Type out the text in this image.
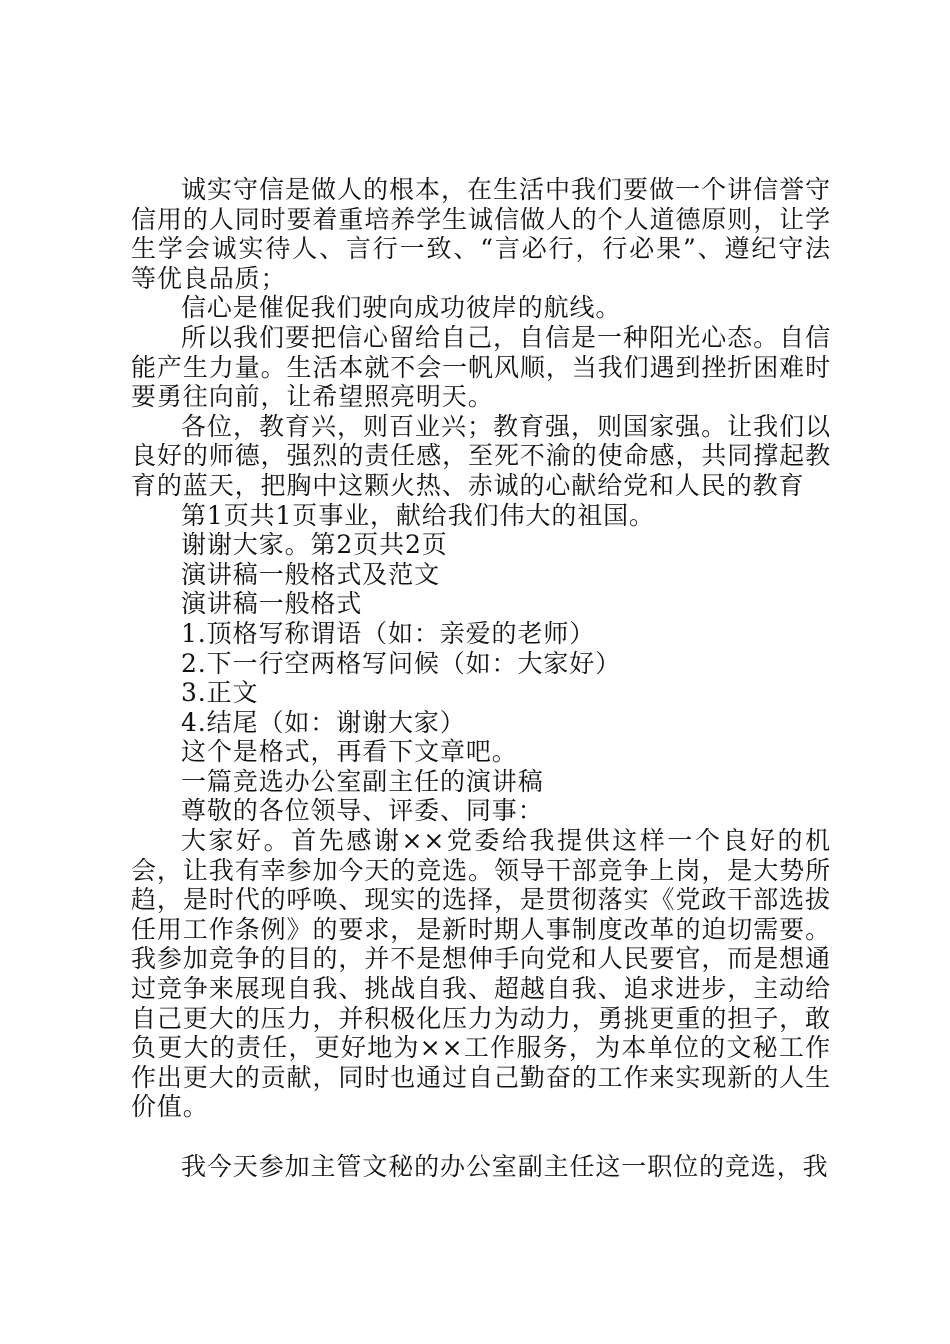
诚实守信是做人的根本，在生活中我们要做一个讲信誉守信用的人同时要着重培养学生诚信做人的个人道德原则，让学生学会诚实待人、言行一致、“言必行，行必果”、遵纪守法等优良品质；

信心是催促我们驶向成功彼岸的航线。

所以我们要把信心留给自己，自信是一种阳光心态。自信能产生力量。生活本就不会一帆风顺，当我们遇到挫折困难时要勇往向前，让希望照亮明天。

各位，教育兴，则百业兴；教育强，则国家强。让我们以良好的师德，强烈的责任感，至死不渝的使命感，共同撑起教育的蓝天，把胸中这颗火热、赤诚的心献给党和人民的教育

第1页共1页事业，献给我们伟大的祖国。

谢谢大家。第2页共2页

演讲稿一般格式及范文

演讲稿一般格式

1.顶格写称谓语（如：亲爱的老师）

2.下一行空两格写问候（如：大家好）

3.正文

4.结尾（如：谢谢大家）

这个是格式，再看下文章吧。

一篇竞选办公室副主任的演讲稿

尊敬的各位领导、评委、同事：

大家好。首先感谢××党委给我提供这样一个良好的机会，让我有幸参加今天的竞选。领导干部竞争上岗，是大势所趋，是时代的呼唤、现实的选择，是贯彻落实《党政干部选拔任用工作条例》的要求，是新时期人事制度改革的迫切需要。我参加竞争的目的，并不是想伸手向党和人民要官，而是想通过竞争来展现自我、挑战自我、超越自我、追求进步，主动给自己更大的压力，并积极化压力为动力，勇挑更重的担子，敢负更大的责任，更好地为××工作服务，为本单位的文秘工作作出更大的贡献，同时也通过自己勤奋的工作来实现新的人生价值。

我今天参加主管文秘的办公室副主任这一职位的竞选，我
